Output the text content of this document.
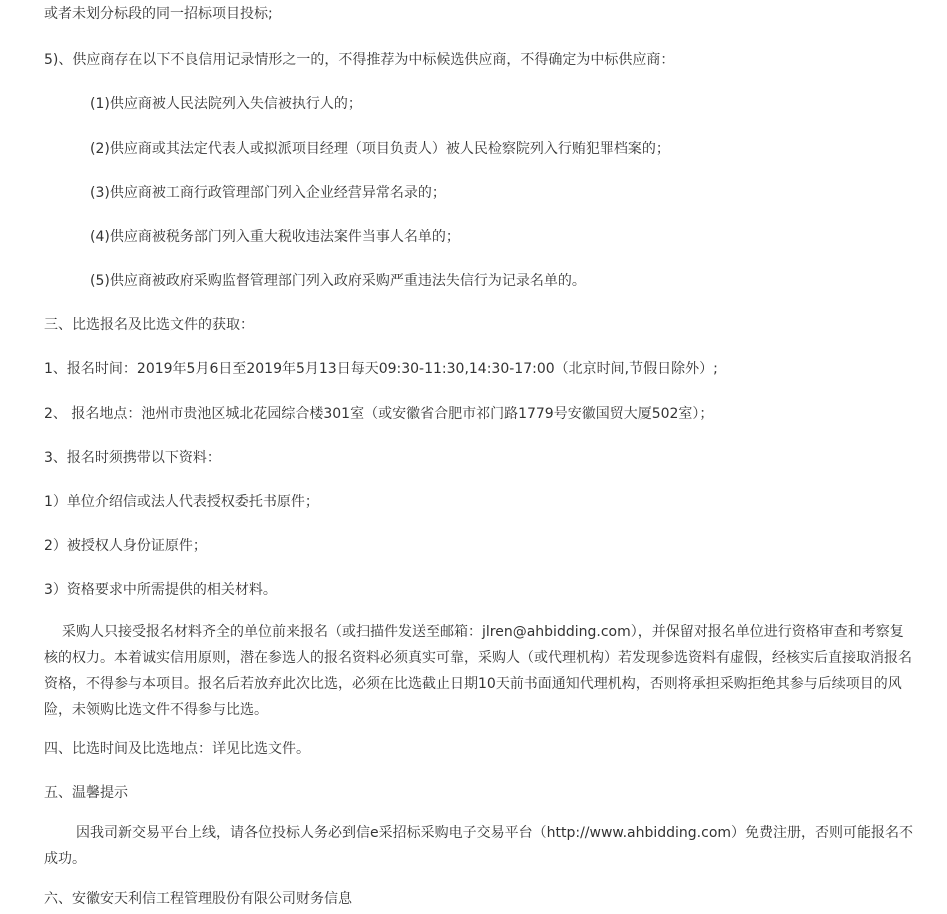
或者未划分标段的同一招标项目投标;
5)、供应商存在以下不良信用记录情形之一的，不得推荐为中标候选供应商，不得确定为中标供应商：
(1)供应商被人民法院列入失信被执行人的；
(2)供应商或其法定代表人或拟派项目经理（项目负责人）被人民检察院列入行贿犯罪档案的；
(3)供应商被工商行政管理部门列入企业经营异常名录的；
(4)供应商被税务部门列入重大税收违法案件当事人名单的；
(5)供应商被政府采购监督管理部门列入政府采购严重违法失信行为记录名单的。
三、比选报名及比选文件的获取：
1、报名时间：2019年5月6日至2019年5月13日每天09:30-11:30,14:30-17:00（北京时间,节假日除外）;
2、 报名地点：池州市贵池区城北花园综合楼301室（或安徽省合肥市祁门路1779号安徽国贸大厦502室）；
3、报名时须携带以下资料：
1）单位介绍信或法人代表授权委托书原件；
2）被授权人身份证原件；
3）资格要求中所需提供的相关材料。
采购人只接受报名材料齐全的单位前来报名（或扫描件发送至邮箱：jlren@ahbidding.com），并保留对报名单位进行资格审查和考察复核的权力。本着诚实信用原则，潜在参选人的报名资料必须真实可靠，采购人（或代理机构）若发现参选资料有虚假，经核实后直接取消报名资格，不得参与本项目。报名后若放弃此次比选，必须在比选截止日期10天前书面通知代理机构，否则将承担采购拒绝其参与后续项目的风险，未领购比选文件不得参与比选。
四、比选时间及比选地点：详见比选文件。
五、温馨提示
因我司新交易平台上线，请各位投标人务必到信e采招标采购电子交易平台（http://www.ahbidding.com）免费注册，否则可能报名不成功。
六、安徽安天利信工程管理股份有限公司财务信息
